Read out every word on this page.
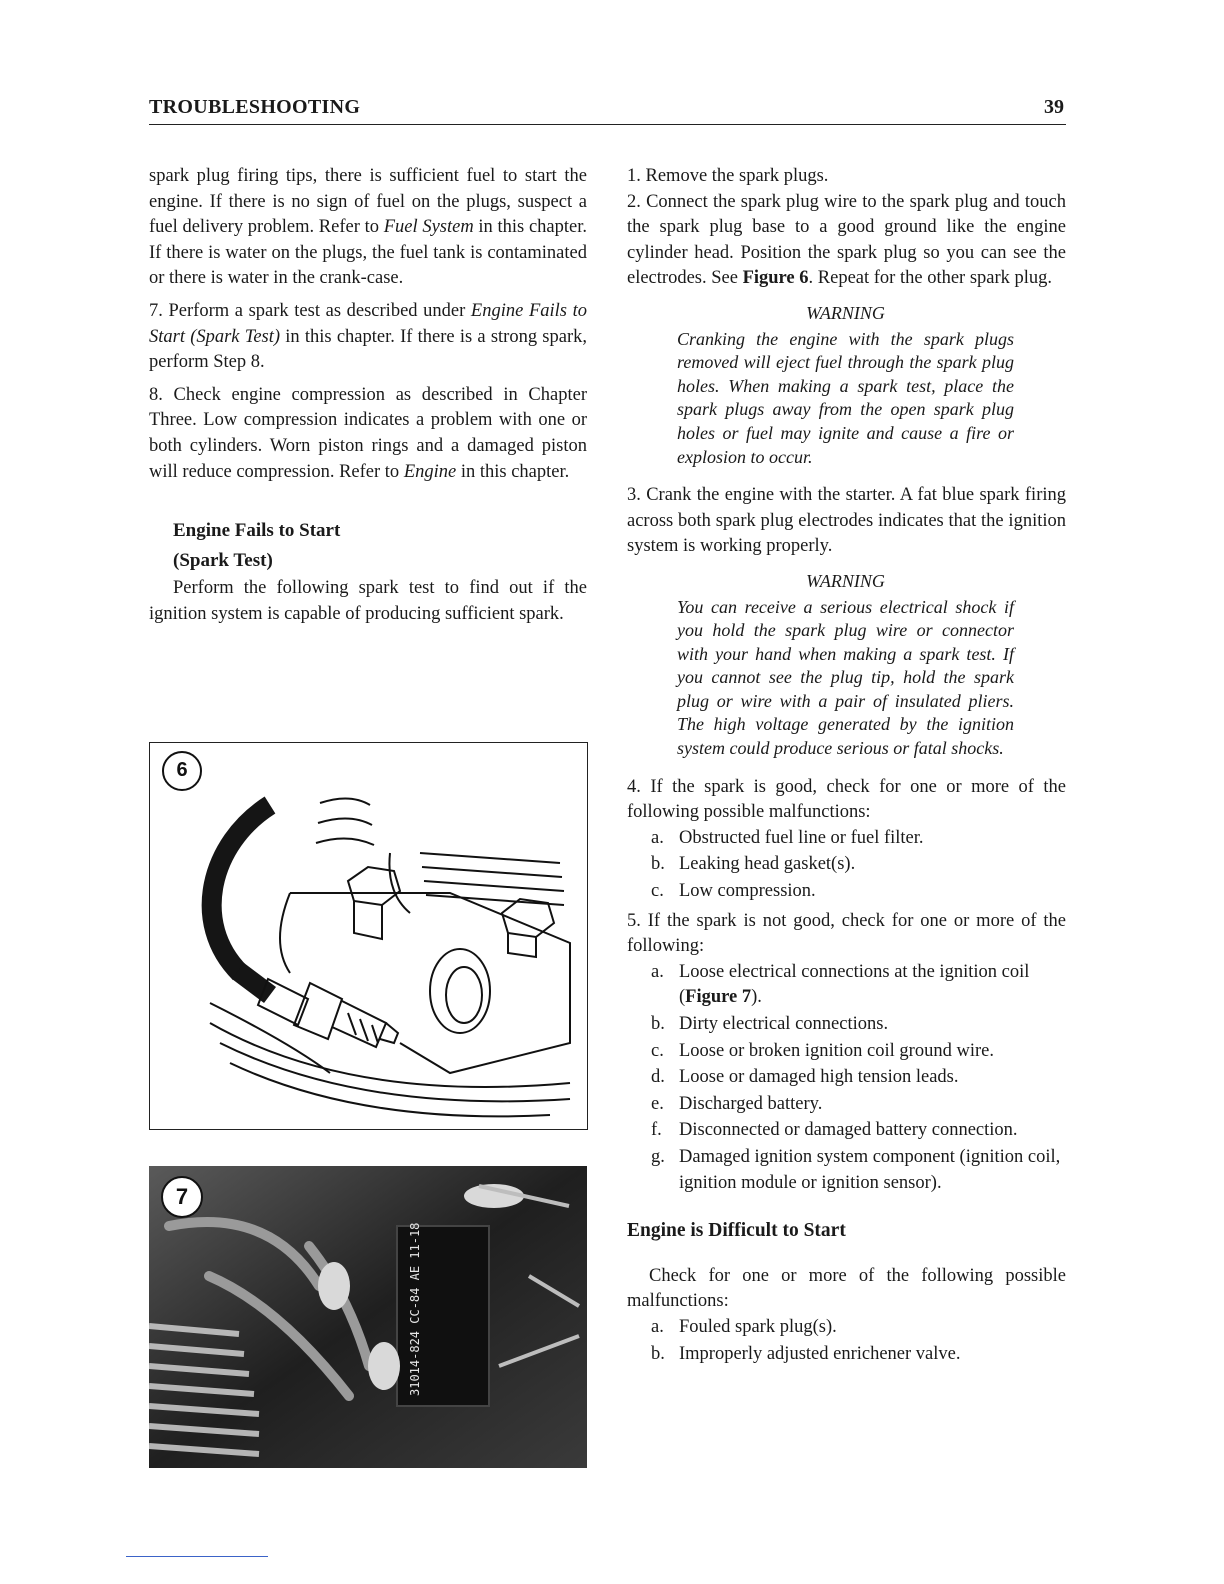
TROUBLESHOOTING	39

spark plug firing tips, there is sufficient fuel to start the engine. If there is no sign of fuel on the plugs, suspect a fuel delivery problem. Refer to Fuel System in this chapter. If there is water on the plugs, the fuel tank is contaminated or there is water in the crank-case.

7. Perform a spark test as described under Engine Fails to Start (Spark Test) in this chapter. If there is a strong spark, perform Step 8.

8. Check engine compression as described in Chapter Three. Low compression indicates a problem with one or both cylinders. Worn piston rings and a damaged piston will reduce compression. Refer to Engine in this chapter.

Engine Fails to Start
(Spark Test)

Perform the following spark test to find out if the ignition system is capable of producing sufficient spark.

6
31014-824 CC-84 AE 11-18
7

1. Remove the spark plugs.

2. Connect the spark plug wire to the spark plug and touch the spark plug base to a good ground like the engine cylinder head. Position the spark plug so you can see the electrodes. See Figure 6. Repeat for the other spark plug.

WARNING
Cranking the engine with the spark plugs removed will eject fuel through the spark plug holes. When making a spark test, place the spark plugs away from the open spark plug holes or fuel may ignite and cause a fire or explosion to occur.

3. Crank the engine with the starter. A fat blue spark firing across both spark plug electrodes indicates that the ignition system is working properly.

WARNING
You can receive a serious electrical shock if you hold the spark plug wire or connector with your hand when making a spark test. If you cannot see the plug tip, hold the spark plug or wire with a pair of insulated pliers. The high voltage generated by the ignition system could produce serious or fatal shocks.

4. If the spark is good, check for one or more of the following possible malfunctions:

a. Obstructed fuel line or fuel filter.
b. Leaking head gasket(s).
c. Low compression.

5. If the spark is not good, check for one or more of the following:

a. Loose electrical connections at the ignition coil (Figure 7).
b. Dirty electrical connections.
c. Loose or broken ignition coil ground wire.
d. Loose or damaged high tension leads.
e. Discharged battery.
f. Disconnected or damaged battery connection.
g. Damaged ignition system component (ignition coil, ignition module or ignition sensor).
Engine is Difficult to Start

Check for one or more of the following possible malfunctions:

a. Fouled spark plug(s).
b. Improperly adjusted enrichener valve.
